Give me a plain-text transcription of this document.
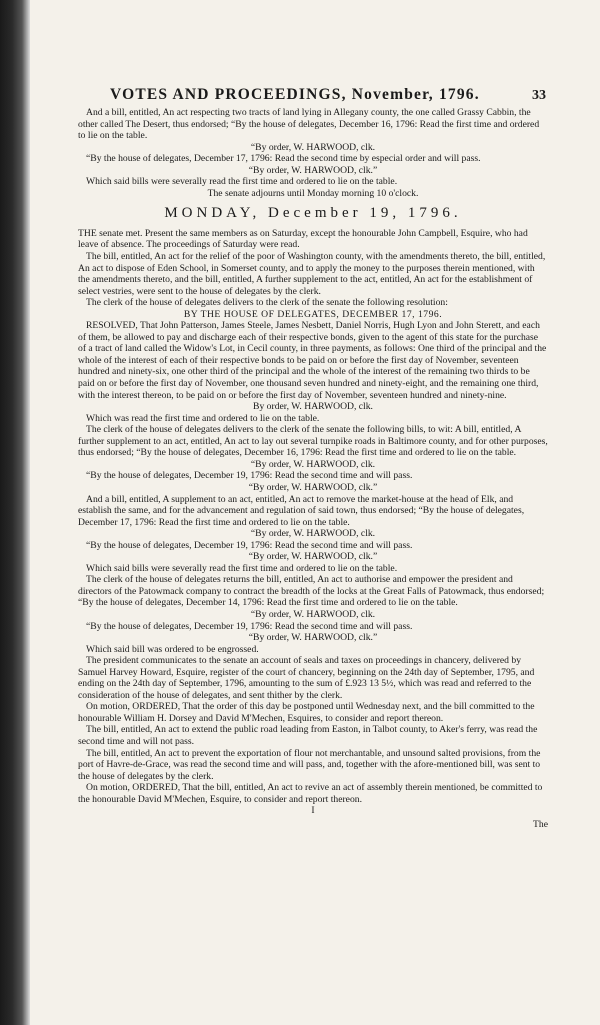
VOTES AND PROCEEDINGS, November, 1796.	33

And a bill, entitled, An act respecting two tracts of land lying in Allegany county, the one called Grassy Cabbin, the other called The Desert, thus endorsed; “By the house of delegates, December 16, 1796: Read the first time and ordered to lie on the table.

“By order, W. HARWOOD, clk.

“By the house of delegates, December 17, 1796: Read the second time by especial order and will pass.

“By order, W. HARWOOD, clk.”

Which said bills were severally read the first time and ordered to lie on the table.

The senate adjourns until Monday morning 10 o'clock.

MONDAY, December 19, 1796.

THE senate met. Present the same members as on Saturday, except the honourable John Campbell, Esquire, who had leave of absence. The proceedings of Saturday were read.

The bill, entitled, An act for the relief of the poor of Washington county, with the amendments thereto, the bill, entitled, An act to dispose of Eden School, in Somerset county, and to apply the money to the purposes therein mentioned, with the amendments thereto, and the bill, entitled, A further supplement to the act, entitled, An act for the establishment of select vestries, were sent to the house of delegates by the clerk.

The clerk of the house of delegates delivers to the clerk of the senate the following resolution:

BY THE HOUSE OF DELEGATES, DECEMBER 17, 1796.

RESOLVED, That John Patterson, James Steele, James Nesbett, Daniel Norris, Hugh Lyon and John Sterett, and each of them, be allowed to pay and discharge each of their respective bonds, given to the agent of this state for the purchase of a tract of land called the Widow's Lot, in Cecil county, in three payments, as follows: One third of the principal and the whole of the interest of each of their respective bonds to be paid on or before the first day of November, seventeen hundred and ninety-six, one other third of the principal and the whole of the interest of the remaining two thirds to be paid on or before the first day of November, one thousand seven hundred and ninety-eight, and the remaining one third, with the interest thereon, to be paid on or before the first day of November, seventeen hundred and ninety-nine.

By order, W. HARWOOD, clk.

Which was read the first time and ordered to lie on the table.

The clerk of the house of delegates delivers to the clerk of the senate the following bills, to wit: A bill, entitled, A further supplement to an act, entitled, An act to lay out several turnpike roads in Baltimore county, and for other purposes, thus endorsed; “By the house of delegates, December 16, 1796: Read the first time and ordered to lie on the table.

“By order, W. HARWOOD, clk.

“By the house of delegates, December 19, 1796: Read the second time and will pass.

“By order, W. HARWOOD, clk.”

And a bill, entitled, A supplement to an act, entitled, An act to remove the market-house at the head of Elk, and establish the same, and for the advancement and regulation of said town, thus endorsed; “By the house of delegates, December 17, 1796: Read the first time and ordered to lie on the table.

“By order, W. HARWOOD, clk.

“By the house of delegates, December 19, 1796: Read the second time and will pass.

“By order, W. HARWOOD, clk.”

Which said bills were severally read the first time and ordered to lie on the table.

The clerk of the house of delegates returns the bill, entitled, An act to authorise and empower the president and directors of the Patowmack company to contract the breadth of the locks at the Great Falls of Patowmack, thus endorsed; “By the house of delegates, December 14, 1796: Read the first time and ordered to lie on the table.

“By order, W. HARWOOD, clk.

“By the house of delegates, December 19, 1796: Read the second time and will pass.

“By order, W. HARWOOD, clk.”

Which said bill was ordered to be engrossed.

The president communicates to the senate an account of seals and taxes on proceedings in chancery, delivered by Samuel Harvey Howard, Esquire, register of the court of chancery, beginning on the 24th day of September, 1795, and ending on the 24th day of September, 1796, amounting to the sum of £.923 13 5½, which was read and referred to the consideration of the house of delegates, and sent thither by the clerk.

On motion, ORDERED, That the order of this day be postponed until Wednesday next, and the bill committed to the honourable William H. Dorsey and David M'Mechen, Esquires, to consider and report thereon.

The bill, entitled, An act to extend the public road leading from Easton, in Talbot county, to Aker's ferry, was read the second time and will not pass.

The bill, entitled, An act to prevent the exportation of flour not merchantable, and unsound salted provisions, from the port of Havre-de-Grace, was read the second time and will pass, and, together with the afore-mentioned bill, was sent to the house of delegates by the clerk.

On motion, ORDERED, That the bill, entitled, An act to revive an act of assembly therein mentioned, be committed to the honourable David M'Mechen, Esquire, to consider and report thereon.

I

The
